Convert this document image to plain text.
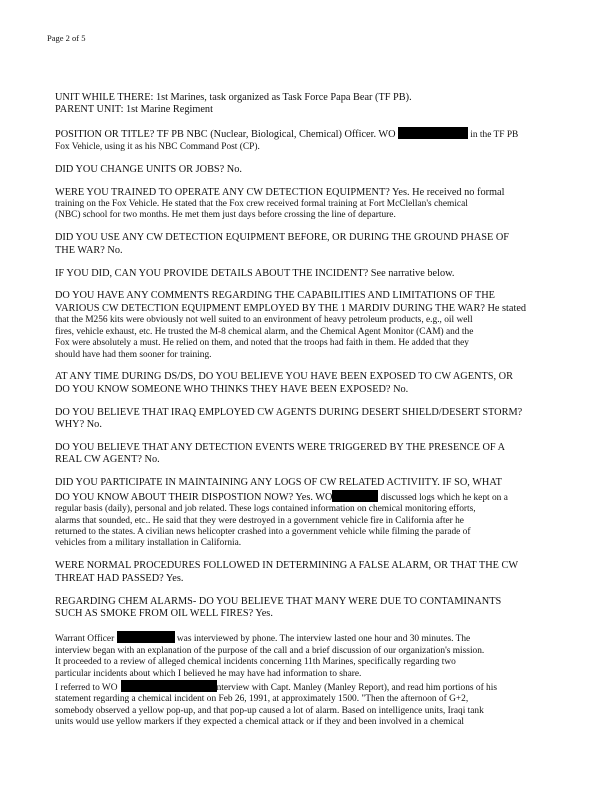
Page 2 of 5
UNIT WHILE THERE: 1st Marines, task organized as Task Force Papa Bear (TF PB).
PARENT UNIT: 1st Marine Regiment
POSITION OR TITLE? TF PB NBC (Nuclear, Biological, Chemical) Officer. WO	in the TF PB
Fox Vehicle, using it as his NBC Command Post (CP).
DID YOU CHANGE UNITS OR JOBS? No.
WERE YOU TRAINED TO OPERATE ANY CW DETECTION EQUIPMENT? Yes. He received no formal
training on the Fox Vehicle. He stated that the Fox crew received formal training at Fort McClellan's chemical
(NBC) school for two months. He met them just days before crossing the line of departure.
DID YOU USE ANY CW DETECTION EQUIPMENT BEFORE, OR DURING THE GROUND PHASE OF
THE WAR? No.
IF YOU DID, CAN YOU PROVIDE DETAILS ABOUT THE INCIDENT? See narrative below.
DO YOU HAVE ANY COMMENTS REGARDING THE CAPABILITIES AND LIMITATIONS OF THE
VARIOUS CW DETECTION EQUIPMENT EMPLOYED BY THE 1 MARDIV DURING THE WAR? He stated
that the M256 kits were obviously not well suited to an environment of heavy petroleum products, e.g., oil well
fires, vehicle exhaust, etc. He trusted the M-8 chemical alarm, and the Chemical Agent Monitor (CAM) and the
Fox were absolutely a must. He relied on them, and noted that the troops had faith in them. He added that they
should have had them sooner for training.
AT ANY TIME DURING DS/DS, DO YOU BELIEVE YOU HAVE BEEN EXPOSED TO CW AGENTS, OR
DO YOU KNOW SOMEONE WHO THINKS THEY HAVE BEEN EXPOSED? No.
DO YOU BELIEVE THAT IRAQ EMPLOYED CW AGENTS DURING DESERT SHIELD/DESERT STORM?
WHY? No.
DO YOU BELIEVE THAT ANY DETECTION EVENTS WERE TRIGGERED BY THE PRESENCE OF A
REAL CW AGENT? No.
DID YOU PARTICIPATE IN MAINTAINING ANY LOGS OF CW RELATED ACTIVIITY. IF SO, WHAT
DO YOU KNOW ABOUT THEIR DISPOSTION NOW? Yes. WO	discussed logs which he kept on a
regular basis (daily), personal and job related. These logs contained information on chemical monitoring efforts,
alarms that sounded, etc.. He said that they were destroyed in a government vehicle fire in California after he
returned to the states. A civilian news helicopter crashed into a government vehicle while filming the parade of
vehicles from a military installation in California.
WERE NORMAL PROCEDURES FOLLOWED IN DETERMINING A FALSE ALARM, OR THAT THE CW
THREAT HAD PASSED? Yes.
REGARDING CHEM ALARMS- DO YOU BELIEVE THAT MANY WERE DUE TO CONTAMINANTS
SUCH AS SMOKE FROM OIL WELL FIRES? Yes.
Warrant Officer	was interviewed by phone. The interview lasted one hour and 30 minutes. The
interview began with an explanation of the purpose of the call and a brief discussion of our organization's mission.
It proceeded to a review of alleged chemical incidents concerning 11th Marines, specifically regarding two
particular incidents about which I believed he may have had information to share.
I referred to WO	nterview with Capt. Manley (Manley Report), and read him portions of his
statement regarding a chemical incident on Feb 26, 1991, at approximately 1500. "Then the afternoon of G+2,
somebody observed a yellow pop-up, and that pop-up caused a lot of alarm. Based on intelligence units, Iraqi tank
units would use yellow markers if they expected a chemical attack or if they and been involved in a chemical
